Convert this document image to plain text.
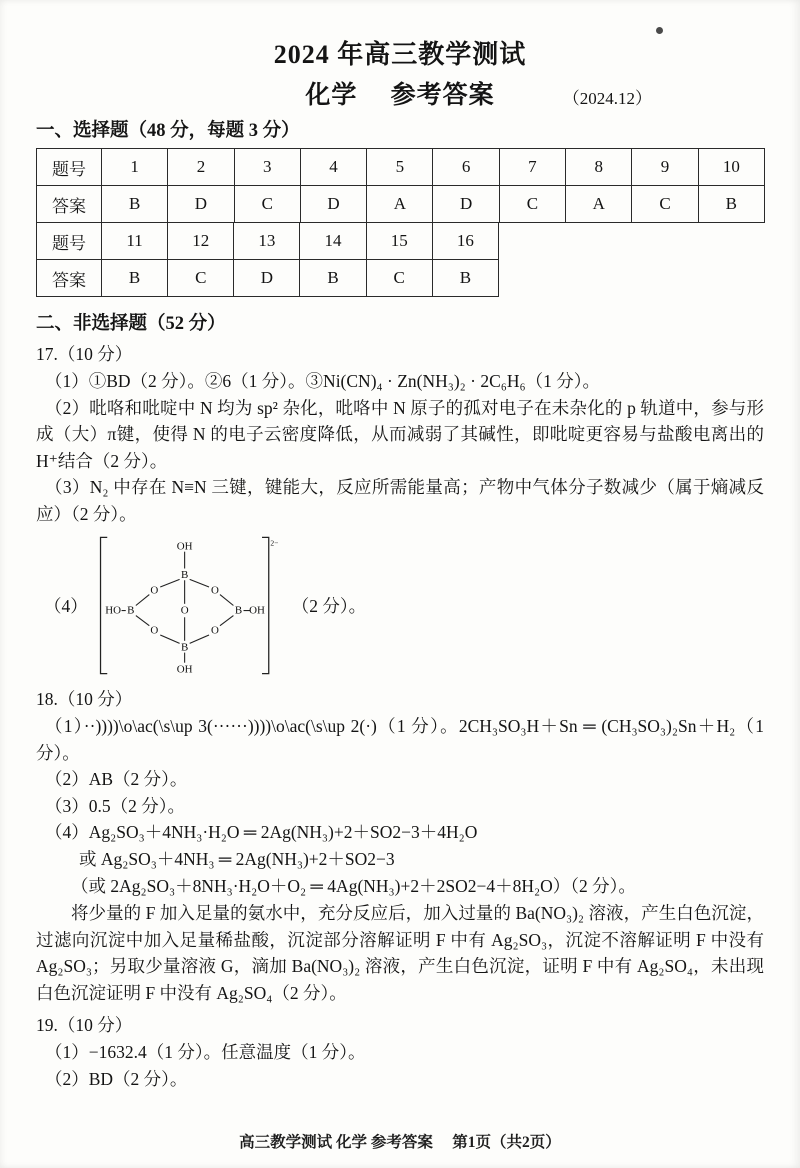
2024 年高三教学测试
化学　 参考答案	（2024.12）
一、选择题（48 分，每题 3 分）
题号	1	2	3	4	5	6	7	8	9	10
答案	B	D	C	D	A	D	C	A	C	B
题号	11	12	13	14	15	16
答案	B	C	D	B	C	B
二、非选择题（52 分）
17.（10 分）
（1）①BD（2 分）。②6（1 分）。③Ni(CN)₄ · Zn(NH₃)₂ · 2C₆H₆（1 分）。
（2）吡咯和吡啶中 N 均为 sp² 杂化，吡咯中 N 原子的孤对电子在未杂化的 p 轨道中，参与形成（大）π键，使得 N 的电子云密度降低，从而减弱了其碱性，即吡啶更容易与盐酸电离出的 H⁺结合（2 分）。
（3）N₂ 中存在 N≡N 三键，键能大，反应所需能量高；产物中气体分子数减少（属于熵减反应）（2 分）。
（4）
2−
OH
B
O	O
HO B	O	B OH
O	O
B
OH
（2 分）。
18.（10 分）
（1）··))))\o\ac(\s\up 3(······))))\o\ac(\s\up 2(·)（1 分）。2CH₃SO₃H＋Sn ═ (CH₃SO₃)₂Sn＋H₂（1 分）。
（2）AB（2 分）。
（3）0.5（2 分）。
（4）Ag₂SO₃＋4NH₃·H₂O ═ 2Ag(NH₃)+2＋SO2−3＋4H₂O
或 Ag₂SO₃＋4NH₃ ═ 2Ag(NH₃)+2＋SO2−3
（或 2Ag₂SO₃＋8NH₃·H₂O＋O₂ ═ 4Ag(NH₃)+2＋2SO2−4＋8H₂O）（2 分）。
将少量的 F 加入足量的氨水中，充分反应后，加入过量的 Ba(NO₃)₂ 溶液，产生白色沉淀，过滤向沉淀中加入足量稀盐酸，沉淀部分溶解证明 F 中有 Ag₂SO₃，沉淀不溶解证明 F 中没有 Ag₂SO₃；另取少量溶液 G，滴加 Ba(NO₃)₂ 溶液，产生白色沉淀，证明 F 中有 Ag₂SO₄，未出现白色沉淀证明 F 中没有 Ag₂SO₄（2 分）。
19.（10 分）
（1）−1632.4（1 分）。任意温度（1 分）。
（2）BD（2 分）。
高三教学测试 化学 参考答案　 第1页（共2页）
